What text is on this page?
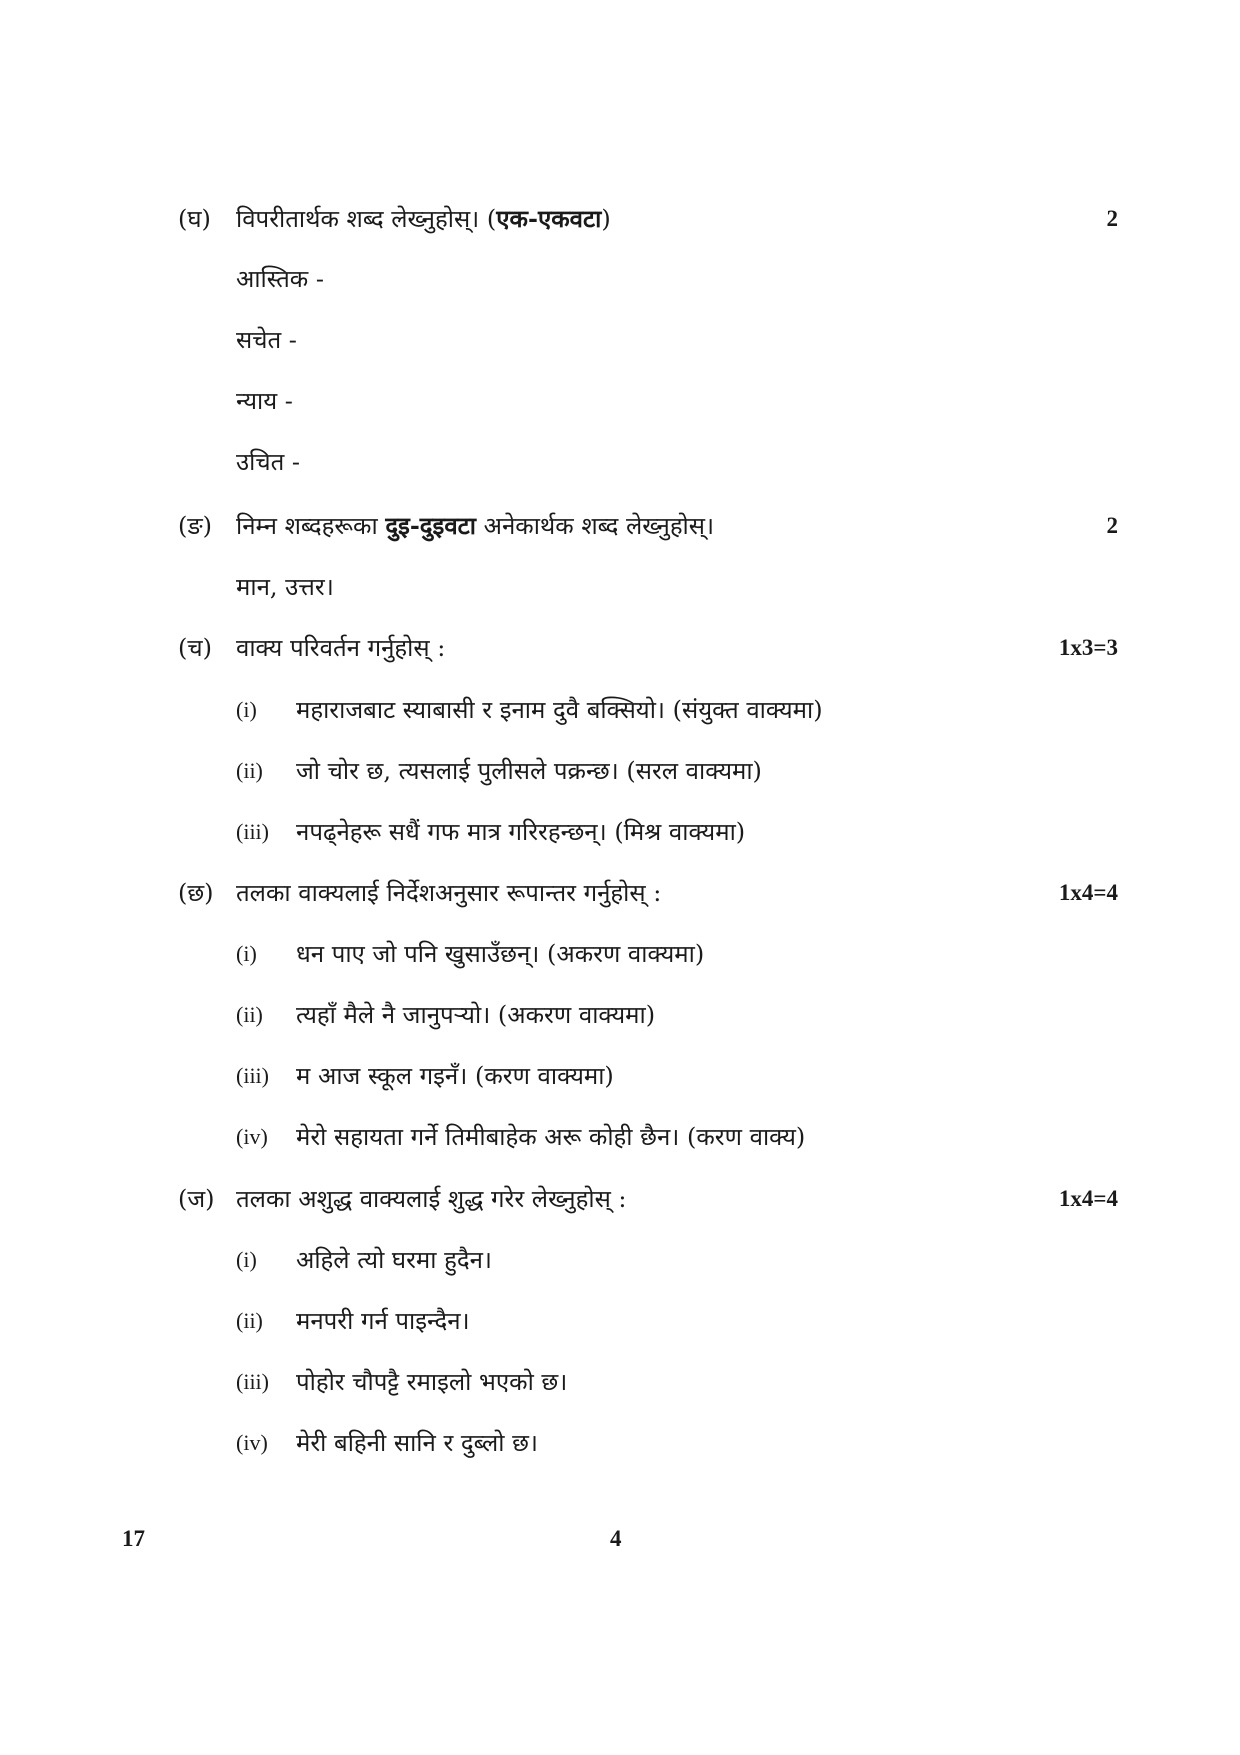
(घ) विपरीतार्थक शब्द लेख्नुहोस्। (एक-एकवटा)	2
आस्तिक -
सचेत -
न्याय -
उचित -
(ङ) निम्न शब्दहरूका दुइ-दुइवटा अनेकार्थक शब्द लेख्नुहोस्।	2
मान, उत्तर।
(च) वाक्य परिवर्तन गर्नुहोस् :	1x3=3
(i) महाराजबाट स्याबासी र इनाम दुवै बक्सियो। (संयुक्त वाक्यमा)
(ii) जो चोर छ, त्यसलाई पुलीसले पक्रन्छ। (सरल वाक्यमा)
(iii) नपढ्नेहरू सधैं गफ मात्र गरिरहन्छन्। (मिश्र वाक्यमा)
(छ) तलका वाक्यलाई निर्देशअनुसार रूपान्तर गर्नुहोस् :	1x4=4
(i) धन पाए जो पनि खुसाउँछन्। (अकरण वाक्यमा)
(ii) त्यहाँ मैले नै जानुपऱ्यो। (अकरण वाक्यमा)
(iii) म आज स्कूल गइनँ। (करण वाक्यमा)
(iv) मेरो सहायता गर्ने तिमीबाहेक अरू कोही छैन। (करण वाक्य)
(ज) तलका अशुद्ध वाक्यलाई शुद्ध गरेर लेख्नुहोस् :	1x4=4
(i) अहिले त्यो घरमा हुदैन।
(ii) मनपरी गर्न पाइन्दैन।
(iii) पोहोर चौपट्टै रमाइलो भएको छ।
(iv) मेरी बहिनी सानि र दुब्लो छ।
17	4
